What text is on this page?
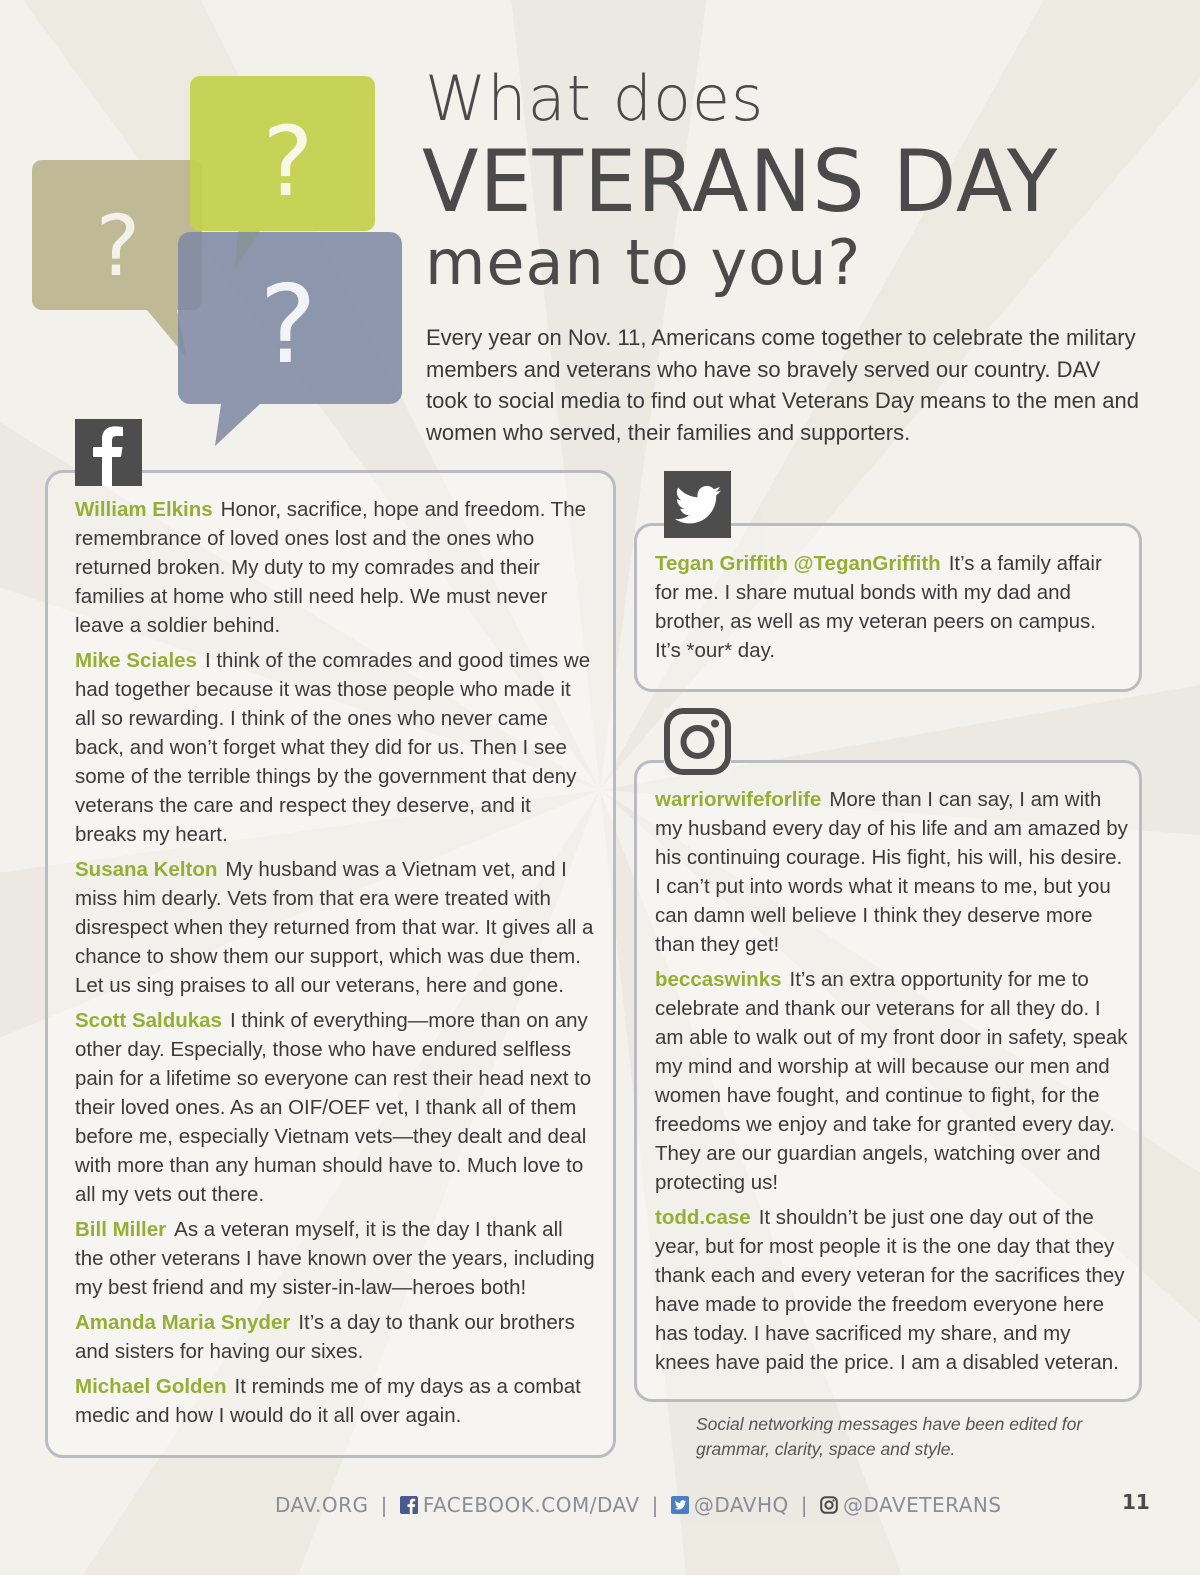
?
?
?
What does
VETERANS DAY
mean to you?
Every year on Nov. 11, Americans come together to celebrate the military members and veterans who have so bravely served our country. DAV took to social media to find out what Veterans Day means to the men and women who served, their families and supporters.

William Elkins Honor, sacrifice, hope and freedom. The remembrance of loved ones lost and the ones who returned broken. My duty to my comrades and their families at home who still need help. We must never leave a soldier behind.

Mike Sciales I think of the comrades and good times we had together because it was those people who made it all so rewarding. I think of the ones who never came back, and won’t forget what they did for us. Then I see some of the terrible things by the government that deny veterans the care and respect they deserve, and it breaks my heart.

Susana Kelton My husband was a Vietnam vet, and I miss him dearly. Vets from that era were treated with disrespect when they returned from that war. It gives all a chance to show them our support, which was due them. Let us sing praises to all our veterans, here and gone.

Scott Saldukas I think of everything—more than on any other day. Especially, those who have endured selfless pain for a lifetime so everyone can rest their head next to their loved ones. As an OIF/OEF vet, I thank all of them before me, especially Vietnam vets—they dealt and deal with more than any human should have to. Much love to all my vets out there.

Bill Miller As a veteran myself, it is the day I thank all the other veterans I have known over the years, including my best friend and my sister-in-law—heroes both!

Amanda Maria Snyder It’s a day to thank our brothers and sisters for having our sixes.

Michael Golden It reminds me of my days as a combat medic and how I would do it all over again.

Tegan Griffith @TeganGriffith It’s a family affair for me. I share mutual bonds with my dad and brother, as well as my veteran peers on campus. It’s *our* day.

warriorwifeforlife More than I can say, I am with my husband every day of his life and am amazed by his continuing courage. His fight, his will, his desire. I can’t put into words what it means to me, but you can damn well believe I think they deserve more than they get!

beccaswinks It’s an extra opportunity for me to celebrate and thank our veterans for all they do. I am able to walk out of my front door in safety, speak my mind and worship at will because our men and women have fought, and continue to fight, for the freedoms we enjoy and take for granted every day. They are our guardian angels, watching over and protecting us!

todd.case It shouldn’t be just one day out of the year, but for most people it is the one day that they thank each and every veteran for the sacrifices they have made to provide the freedom everyone here has today. I have sacrificed my share, and my knees have paid the price. I am a disabled veteran.

Social networking messages have been edited for grammar, clarity, space and style.
DAV.ORG | FACEBOOK.COM/DAV | @DAVHQ | @DAVETERANS	11
